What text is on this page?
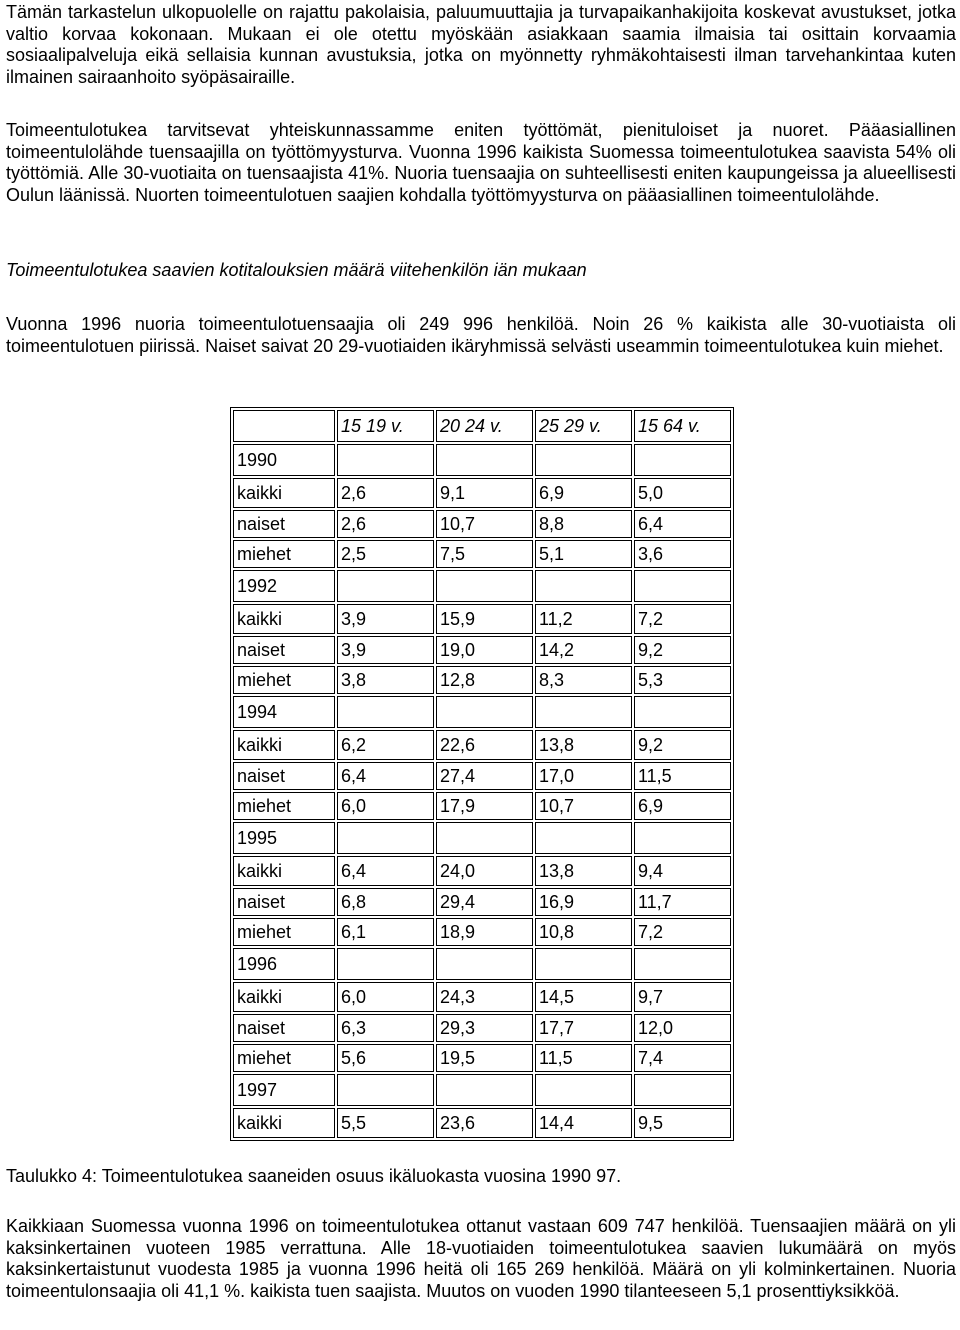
Tämän tarkastelun ulkopuolelle on rajattu pakolaisia, paluumuuttajia ja turvapaikanhakijoita koskevat avustukset, jotka valtio korvaa kokonaan. Mukaan ei ole otettu myöskään asiakkaan saamia ilmaisia tai osittain korvaamia sosiaalipalveluja eikä sellaisia kunnan avustuksia, jotka on myönnetty ryhmäkohtaisesti ilman tarvehankintaa kuten ilmainen sairaanhoito syöpäsairaille.

Toimeentulotukea tarvitsevat yhteiskunnassamme eniten työttömät, pienituloiset ja nuoret. Pääasiallinen toimeentulolähde tuensaajilla on työttömyysturva. Vuonna 1996 kaikista Suomessa toimeentulotukea saavista 54% oli työttömiä. Alle 30-vuotiaita on tuensaajista 41%. Nuoria tuensaajia on suhteellisesti eniten kaupungeissa ja alueellisesti Oulun läänissä. Nuorten toimeentulotuen saajien kohdalla työttömyysturva on pääasiallinen toimeentulolähde.

Toimeentulotukea saavien kotitalouksien määrä viitehenkilön iän mukaan

Vuonna 1996 nuoria toimeentulotuensaajia oli 249 996 henkilöä. Noin 26 % kaikista alle 30-vuotiaista oli toimeentulotuen piirissä. Naiset saivat 20 29-vuotiaiden ikäryhmissä selvästi useammin toimeentulotukea kuin miehet.

	15 19 v.	20 24 v.	25 29 v.	15 64 v.
1990				
kaikki	2,6	9,1	6,9	5,0
naiset	2,6	10,7	8,8	6,4
miehet	2,5	7,5	5,1	3,6
1992				
kaikki	3,9	15,9	11,2	7,2
naiset	3,9	19,0	14,2	9,2
miehet	3,8	12,8	8,3	5,3
1994				
kaikki	6,2	22,6	13,8	9,2
naiset	6,4	27,4	17,0	11,5
miehet	6,0	17,9	10,7	6,9
1995				
kaikki	6,4	24,0	13,8	9,4
naiset	6,8	29,4	16,9	11,7
miehet	6,1	18,9	10,8	7,2
1996				
kaikki	6,0	24,3	14,5	9,7
naiset	6,3	29,3	17,7	12,0
miehet	5,6	19,5	11,5	7,4
1997				
kaikki	5,5	23,6	14,4	9,5

Taulukko 4: Toimeentulotukea saaneiden osuus ikäluokasta vuosina 1990 97.

Kaikkiaan Suomessa vuonna 1996 on toimeentulotukea ottanut vastaan 609 747 henkilöä. Tuensaajien määrä on yli kaksinkertainen vuoteen 1985 verrattuna. Alle 18-vuotiaiden toimeentulotukea saavien lukumäärä on myös kaksinkertaistunut vuodesta 1985 ja vuonna 1996 heitä oli 165 269 henkilöä. Määrä on yli kolminkertainen. Nuoria toimeentulonsaajia oli 41,1 %. kaikista tuen saajista. Muutos on vuoden 1990 tilanteeseen 5,1 prosenttiyksikköä.
